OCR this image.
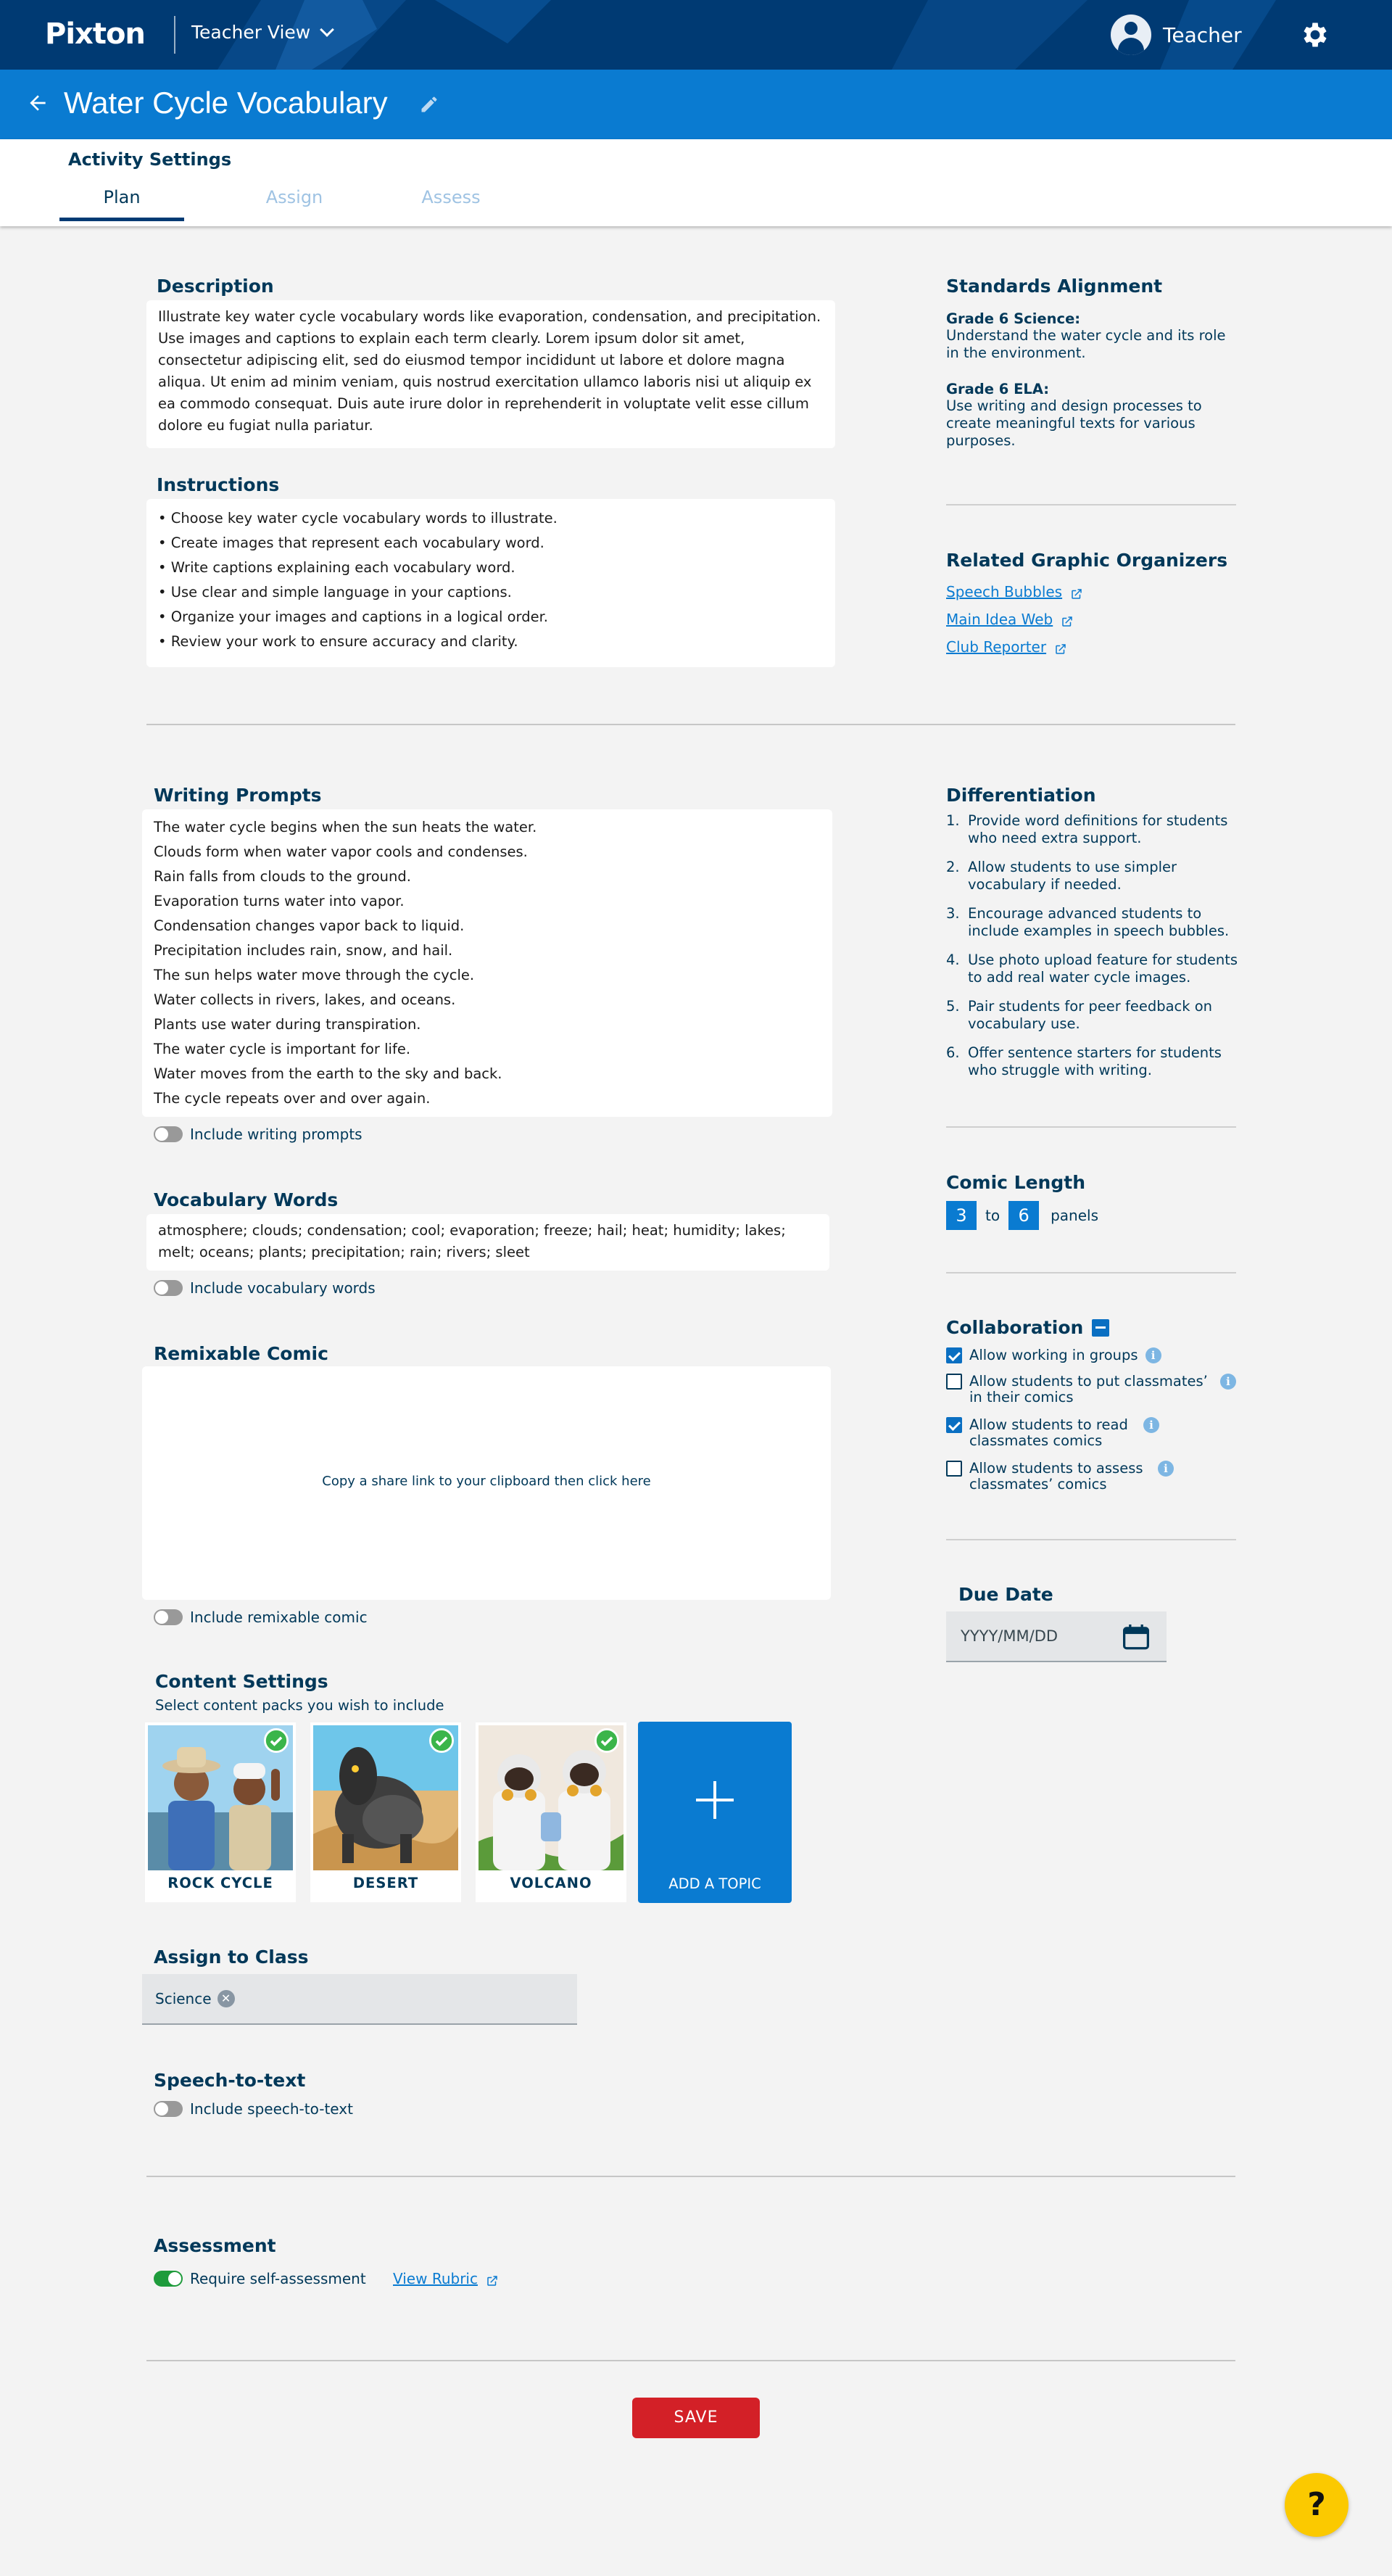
Pixton	Teacher View	Teacher
Water Cycle Vocabulary
Activity Settings
Plan	Assign	Assess
Description
Illustrate key water cycle vocabulary words like evaporation, condensation, and precipitation. Use images and captions to explain each term clearly. Lorem ipsum dolor sit amet, consectetur adipiscing elit, sed do eiusmod tempor incididunt ut labore et dolore magna aliqua. Ut enim ad minim veniam, quis nostrud exercitation ullamco laboris nisi ut aliquip ex ea commodo consequat. Duis aute irure dolor in reprehenderit in voluptate velit esse cillum dolore eu fugiat nulla pariatur.
Instructions
• Choose key water cycle vocabulary words to illustrate.
• Create images that represent each vocabulary word.
• Write captions explaining each vocabulary word.
• Use clear and simple language in your captions.
• Organize your images and captions in a logical order.
• Review your work to ensure accuracy and clarity.
Standards Alignment
Grade 6 Science:
Understand the water cycle and its role in the environment.
Grade 6 ELA:
Use writing and design processes to create meaningful texts for various purposes.
Related Graphic Organizers
Speech Bubbles
Main Idea Web
Club Reporter
Writing Prompts
The water cycle begins when the sun heats the water.
Clouds form when water vapor cools and condenses.
Rain falls from clouds to the ground.
Evaporation turns water into vapor.
Condensation changes vapor back to liquid.
Precipitation includes rain, snow, and hail.
The sun helps water move through the cycle.
Water collects in rivers, lakes, and oceans.
Plants use water during transpiration.
The water cycle is important for life.
Water moves from the earth to the sky and back.
The cycle repeats over and over again.
Include writing prompts
Differentiation
1. Provide word definitions for students who need extra support.
2. Allow students to use simpler vocabulary if needed.
3. Encourage advanced students to include examples in speech bubbles.
4. Use photo upload feature for students to add real water cycle images.
5. Pair students for peer feedback on vocabulary use.
6. Offer sentence starters for students who struggle with writing.
Vocabulary Words
atmosphere; clouds; condensation; cool; evaporation; freeze; hail; heat; humidity; lakes; melt; oceans; plants; precipitation; rain; rivers; sleet
Include vocabulary words
Comic Length
3	to	6	panels
Collaboration
Allow working in groups	i
Allow students to put classmates’ in their comics
i
Allow students to read classmates comics
i
Allow students to assess classmates’ comics
i
Remixable Comic
Copy a share link to your clipboard then click here
Include remixable comic
Due Date
YYYY/MM/DD
Content Settings
Select content packs you wish to include
ROCK CYCLE	DESERT	VOLCANO	ADD A TOPIC
Assign to Class
Science ✕
Speech-to-text
Include speech-to-text
Assessment
Require self-assessment View Rubric
SAVE
?
